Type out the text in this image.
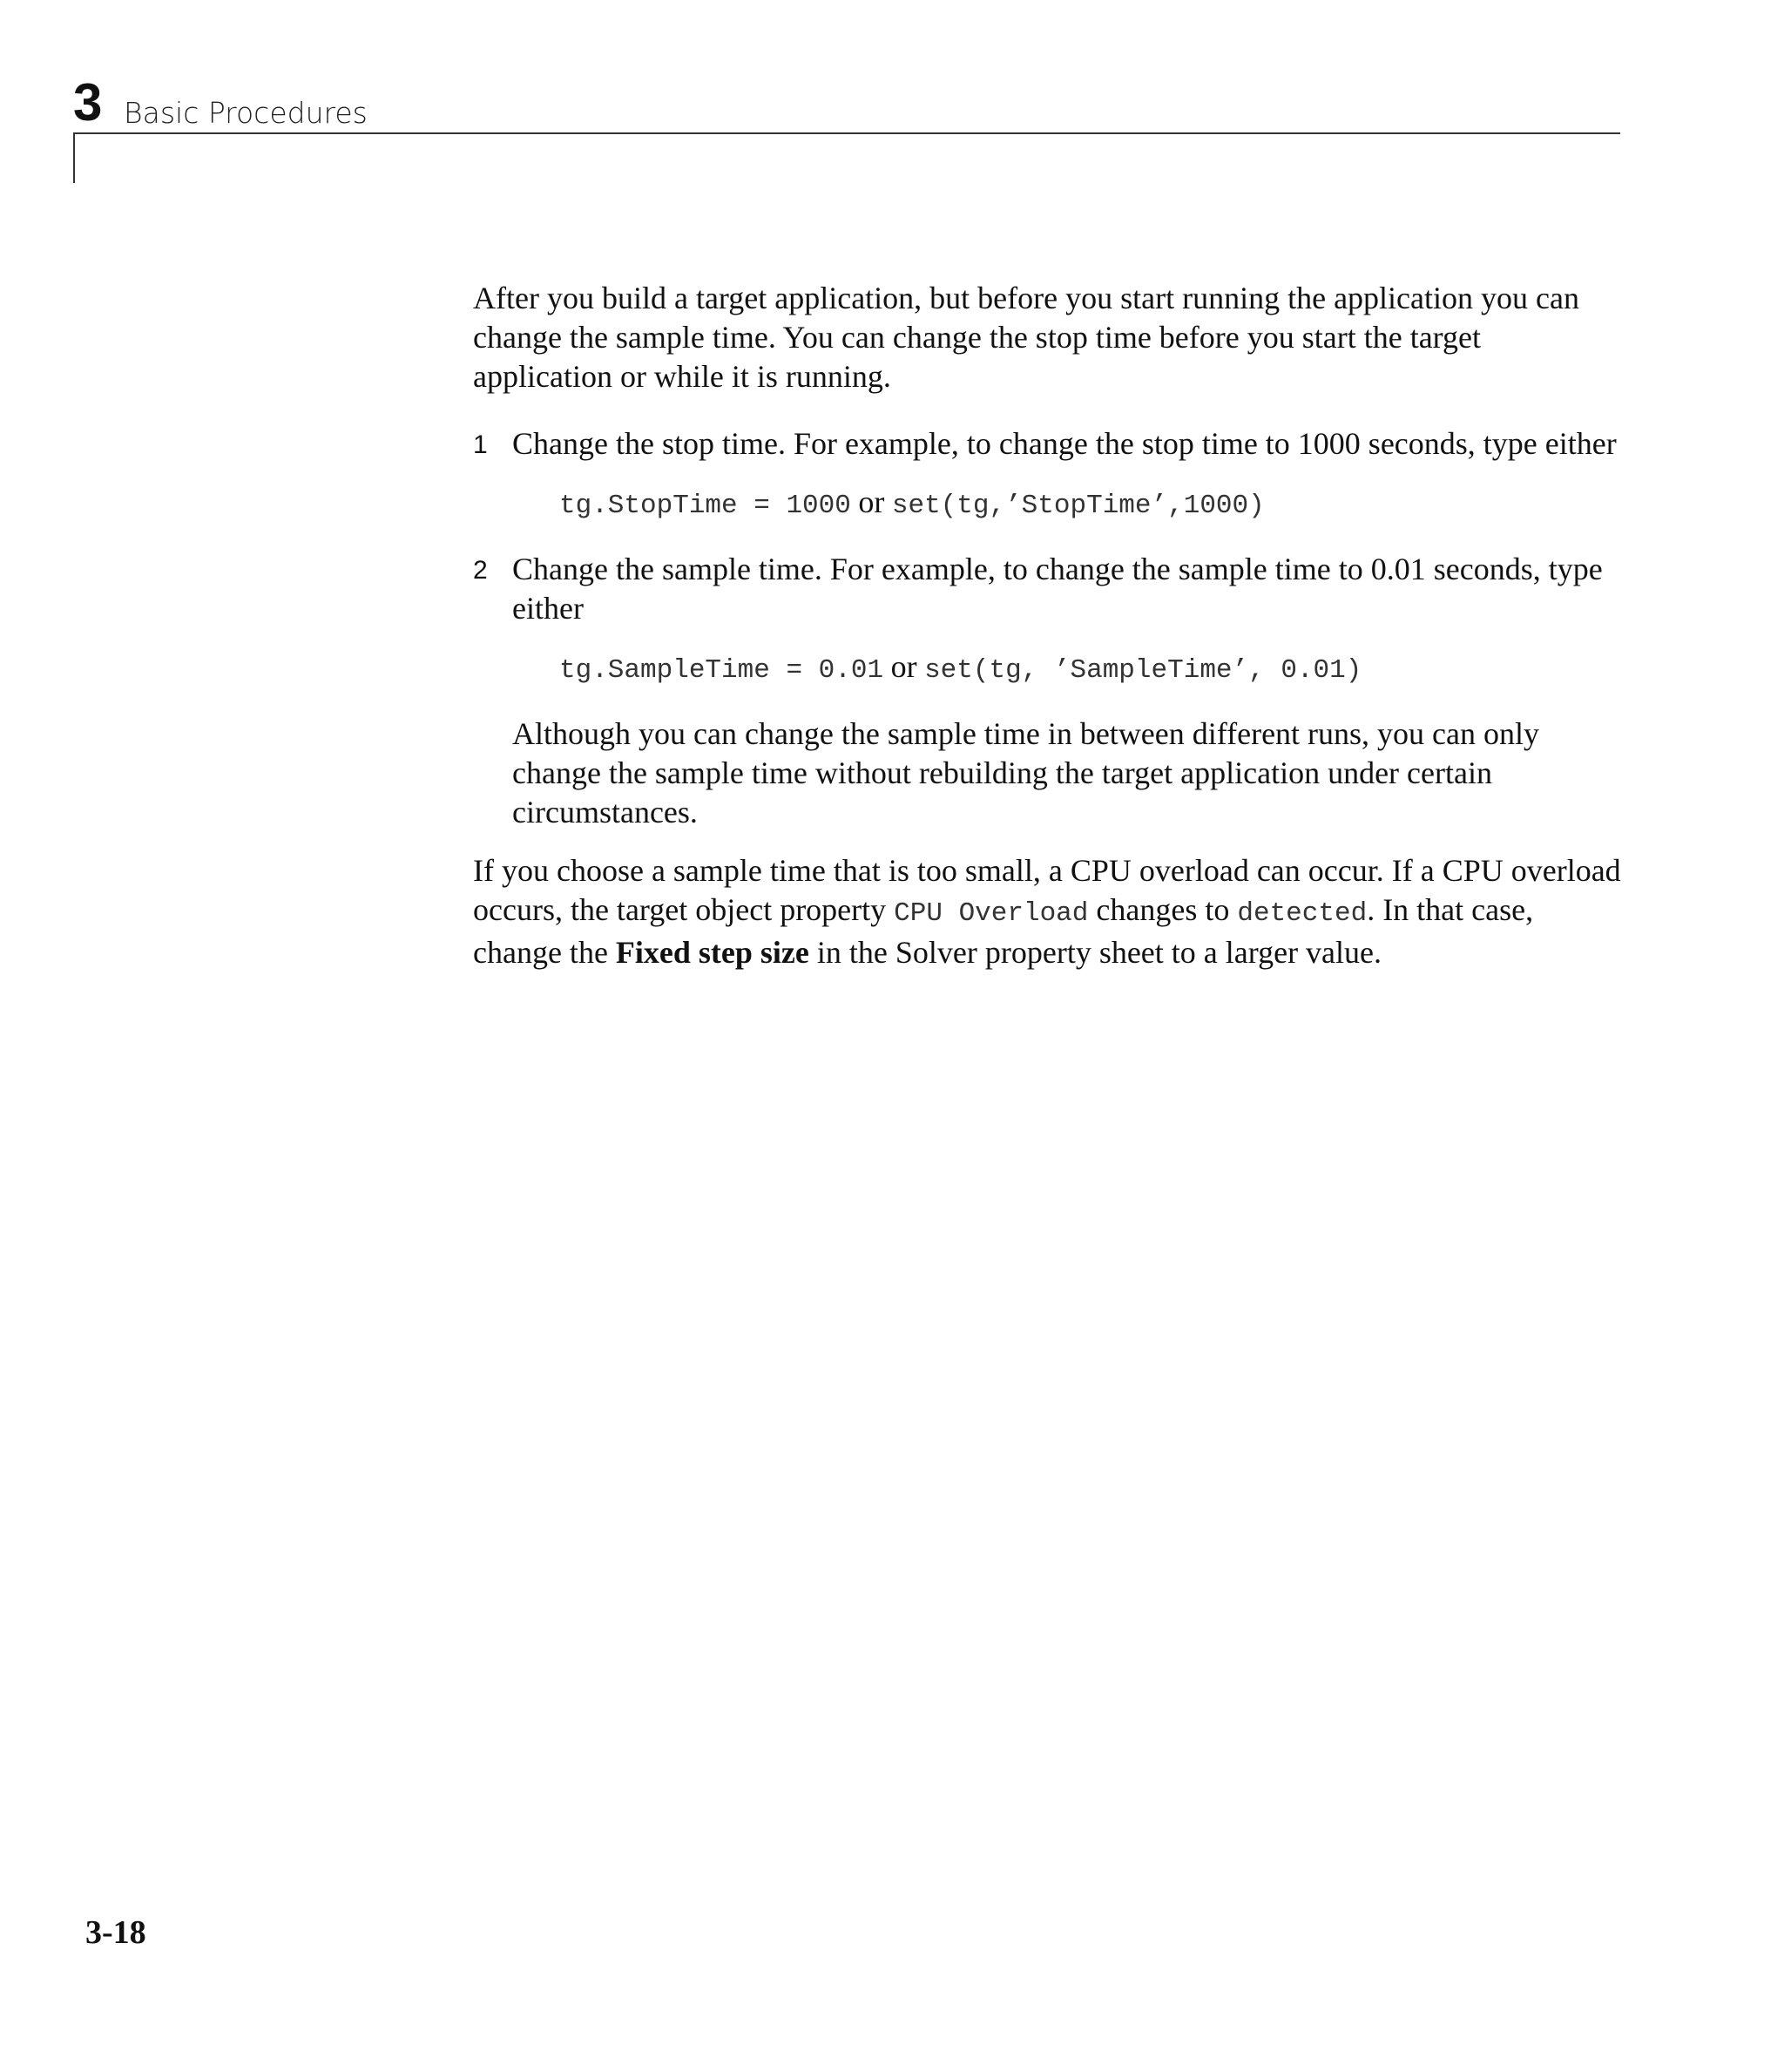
3 Basic Procedures

After you build a target application, but before you start running the application you can change the sample time. You can change the stop time before you start the target application or while it is running.

1 Change the stop time. For example, to change the stop time to 1000 seconds, type either

tg.StopTime = 1000 or set(tg,’StopTime’,1000)
2 Change the sample time. For example, to change the sample time to 0.01 seconds, type either

tg.SampleTime = 0.01 or set(tg, ’SampleTime’, 0.01)

Although you can change the sample time in between different runs, you can only change the sample time without rebuilding the target application under certain circumstances.

If you choose a sample time that is too small, a CPU overload can occur. If a CPU overload occurs, the target object property CPU Overload changes to detected. In that case, change the Fixed step size in the Solver property sheet to a larger value.

3-18
